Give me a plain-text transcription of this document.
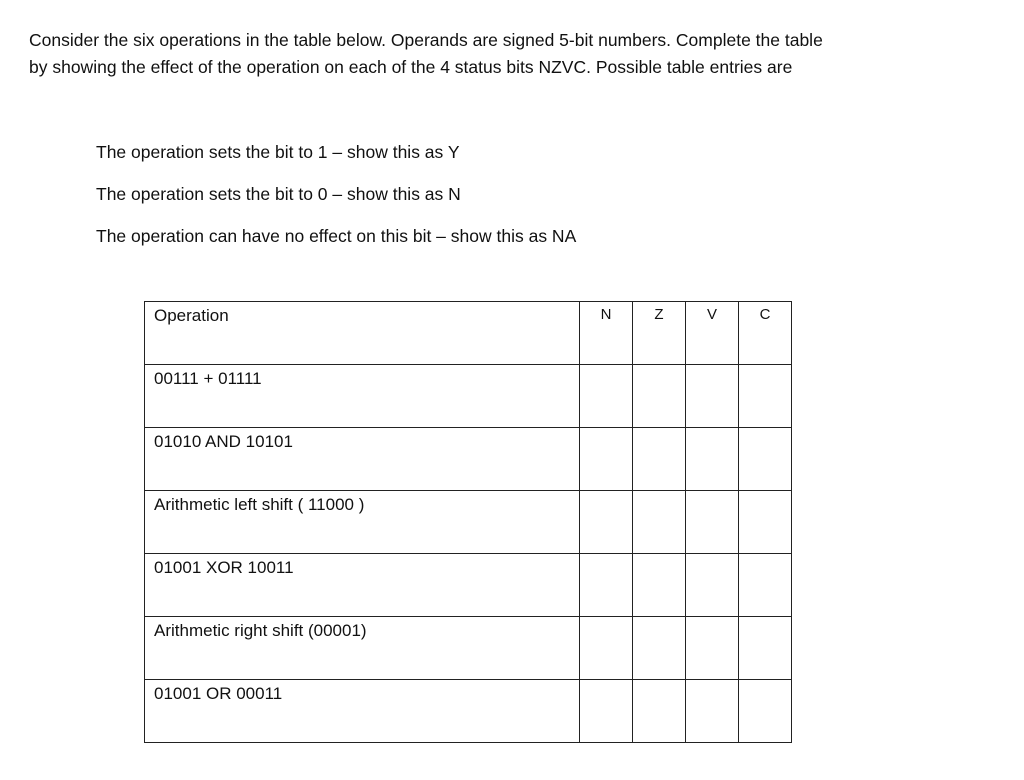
Consider the six operations in the table below. Operands are signed 5-bit numbers. Complete the table

by showing the effect of the operation on each of the 4 status bits NZVC. Possible table entries are

The operation sets the bit to 1 – show this as Y
The operation sets the bit to 0 – show this as N
The operation can have no effect on this bit – show this as NA
Operation	N	Z	V	C
00111 + 01111				
01010 AND 10101				
Arithmetic left shift ( 11000 )				
01001 XOR 10011				
Arithmetic right shift (00001)				
01001 OR 00011				
